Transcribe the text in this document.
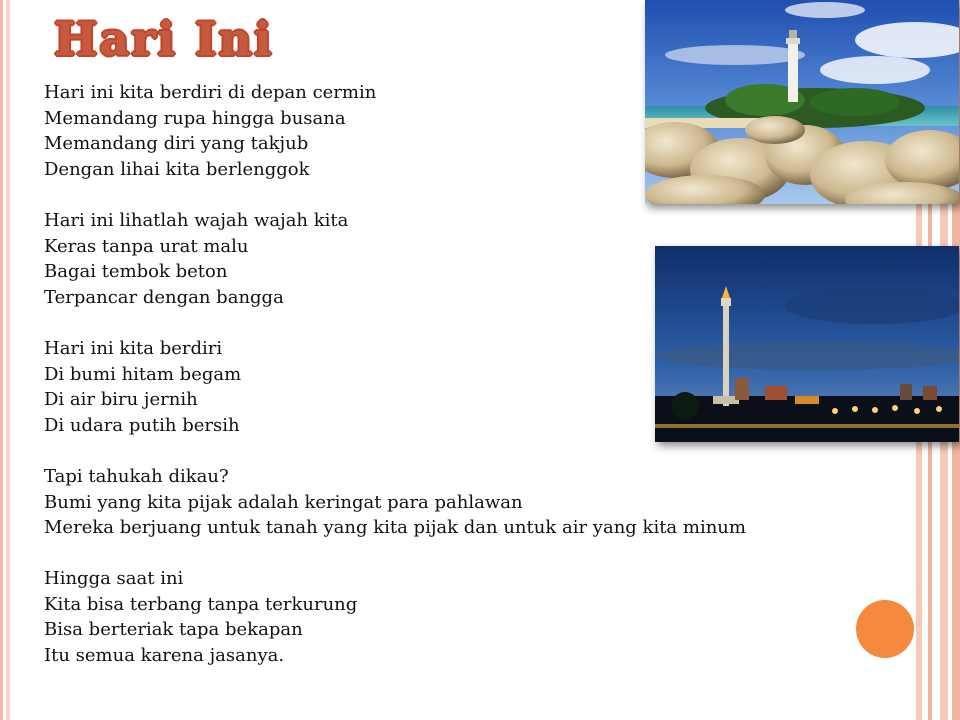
Hari Ini

Hari ini kita berdiri di depan cermin
Memandang rupa hingga busana
Memandang diri yang takjub
Dengan lihai kita berlenggok

Hari ini lihatlah wajah wajah kita
Keras tanpa urat malu
Bagai tembok beton
Terpancar dengan bangga

Hari ini kita berdiri
Di bumi hitam begam
Di air biru jernih
Di udara putih bersih

Tapi tahukah dikau?
Bumi yang kita pijak adalah keringat para pahlawan
Mereka berjuang untuk tanah yang kita pijak dan untuk air yang kita minum

Hingga saat ini
Kita bisa terbang tanpa terkurung
Bisa berteriak tapa bekapan
Itu semua karena jasanya.
